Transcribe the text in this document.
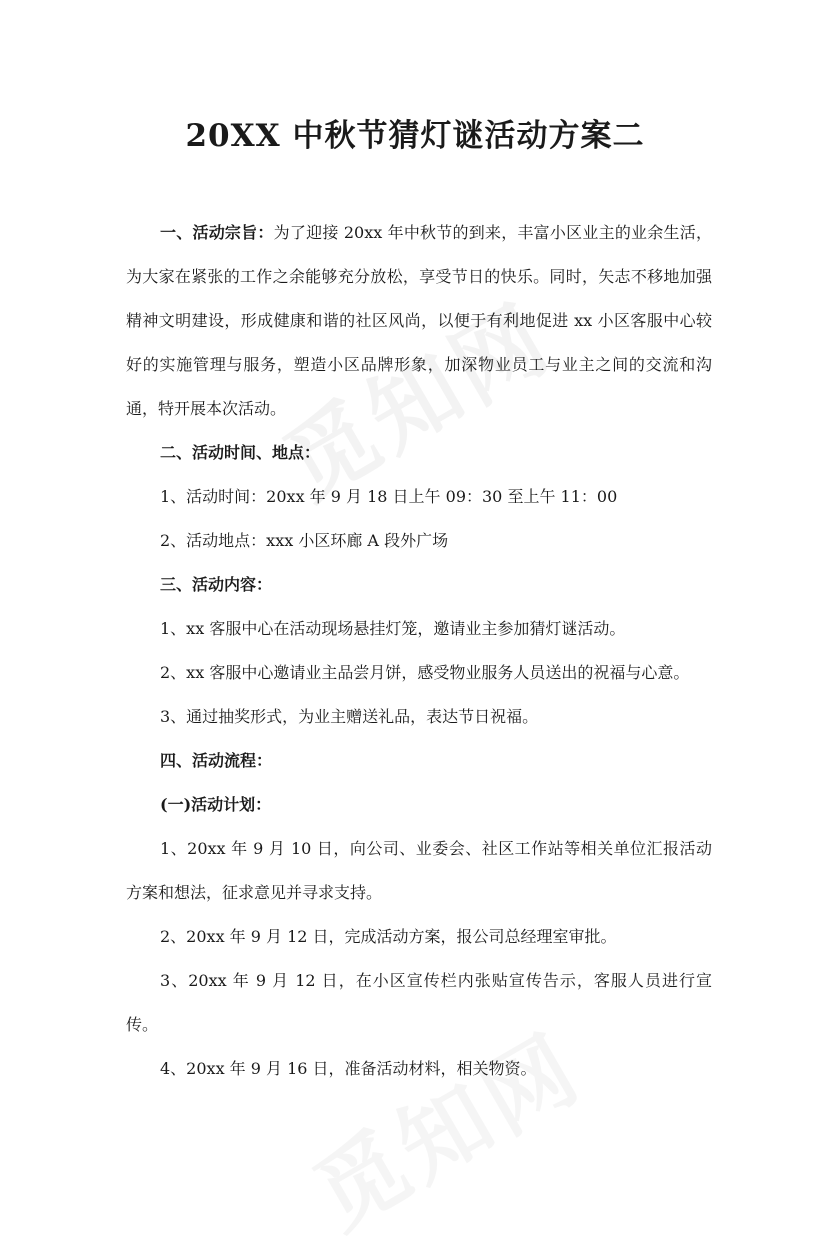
20XX 中秋节猜灯谜活动方案二

一、活动宗旨：为了迎接 20xx 年中秋节的到来，丰富小区业主的业余生活，为大家在紧张的工作之余能够充分放松，享受节日的快乐。同时，矢志不移地加强精神文明建设，形成健康和谐的社区风尚，以便于有利地促进 xx 小区客服中心较好的实施管理与服务，塑造小区品牌形象，加深物业员工与业主之间的交流和沟通，特开展本次活动。

二、活动时间、地点：

1、活动时间：20xx 年 9 月 18 日上午 09：30 至上午 11：00

2、活动地点：xxx 小区环廊 A 段外广场

三、活动内容：

1、xx 客服中心在活动现场悬挂灯笼，邀请业主参加猜灯谜活动。

2、xx 客服中心邀请业主品尝月饼，感受物业服务人员送出的祝福与心意。

3、通过抽奖形式，为业主赠送礼品，表达节日祝福。

四、活动流程：

(一)活动计划：

1、20xx 年 9 月 10 日，向公司、业委会、社区工作站等相关单位汇报活动方案和想法，征求意见并寻求支持。

2、20xx 年 9 月 12 日，完成活动方案，报公司总经理室审批。

3、20xx 年 9 月 12 日，在小区宣传栏内张贴宣传告示，客服人员进行宣传。

4、20xx 年 9 月 16 日，准备活动材料，相关物资。
